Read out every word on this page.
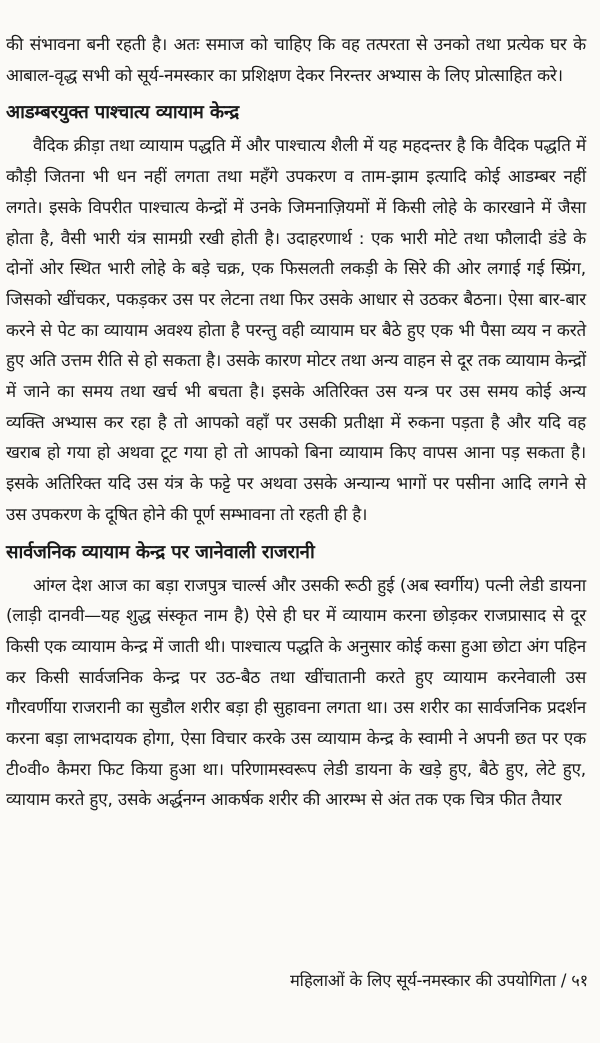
की संभावना बनी रहती है। अतः समाज को चाहिए कि वह तत्परता से उनको तथा प्रत्येक घर के आबाल-वृद्ध सभी को सूर्य-नमस्कार का प्रशिक्षण देकर निरन्तर अभ्यास के लिए प्रोत्साहित करे।

आडम्बरयुक्त पाश्चात्य व्यायाम केन्द्र

वैदिक क्रीड़ा तथा व्यायाम पद्धति में और पाश्चात्य शैली में यह महदन्तर है कि वैदिक पद्धति में कौड़ी जितना भी धन नहीं लगता तथा महँगे उपकरण व ताम-झाम इत्यादि कोई आडम्बर नहीं लगते। इसके विपरीत पाश्चात्य केन्द्रों में उनके जिमनाज़ियमों में किसी लोहे के कारखाने में जैसा होता है, वैसी भारी यंत्र सामग्री रखी होती है। उदाहरणार्थ : एक भारी मोटे तथा फौलादी डंडे के दोनों ओर स्थित भारी लोहे के बड़े चक्र, एक फिसलती लकड़ी के सिरे की ओर लगाई गई स्प्रिंग, जिसको खींचकर, पकड़कर उस पर लेटना तथा फिर उसके आधार से उठकर बैठना। ऐसा बार-बार करने से पेट का व्यायाम अवश्य होता है परन्तु वही व्यायाम घर बैठे हुए एक भी पैसा व्यय न करते हुए अति उत्तम रीति से हो सकता है। उसके कारण मोटर तथा अन्य वाहन से दूर तक व्यायाम केन्द्रों में जाने का समय तथा खर्च भी बचता है। इसके अतिरिक्त उस यन्त्र पर उस समय कोई अन्य व्यक्ति अभ्यास कर रहा है तो आपको वहाँ पर उसकी प्रतीक्षा में रुकना पड़ता है और यदि वह खराब हो गया हो अथवा टूट गया हो तो आपको बिना व्यायाम किए वापस आना पड़ सकता है। इसके अतिरिक्त यदि उस यंत्र के फट्टे पर अथवा उसके अन्यान्य भागों पर पसीना आदि लगने से उस उपकरण के दूषित होने की पूर्ण सम्भावना तो रहती ही है।

सार्वजनिक व्यायाम केन्द्र पर जानेवाली राजरानी

आंग्ल देश आज का बड़ा राजपुत्र चार्ल्स और उसकी रूठी हुई (अब स्वर्गीय) पत्नी लेडी डायना (लाड़ी दानवी—यह शुद्ध संस्कृत नाम है) ऐसे ही घर में व्यायाम करना छोड़कर राजप्रासाद से दूर किसी एक व्यायाम केन्द्र में जाती थी। पाश्चात्य पद्धति के अनुसार कोई कसा हुआ छोटा अंग पहिन कर किसी सार्वजनिक केन्द्र पर उठ-बैठ तथा खींचातानी करते हुए व्यायाम करनेवाली उस गौरवर्णीया राजरानी का सुडौल शरीर बड़ा ही सुहावना लगता था। उस शरीर का सार्वजनिक प्रदर्शन करना बड़ा लाभदायक होगा, ऐसा विचार करके उस व्यायाम केन्द्र के स्वामी ने अपनी छत पर एक टी०वी० कैमरा फिट किया हुआ था। परिणामस्वरूप लेडी डायना के खड़े हुए, बैठे हुए, लेटे हुए, व्यायाम करते हुए, उसके अर्द्धनग्न आकर्षक शरीर की आरम्भ से अंत तक एक चित्र फीत तैयार

महिलाओं के लिए सूर्य-नमस्कार की उपयोगिता / ५१
